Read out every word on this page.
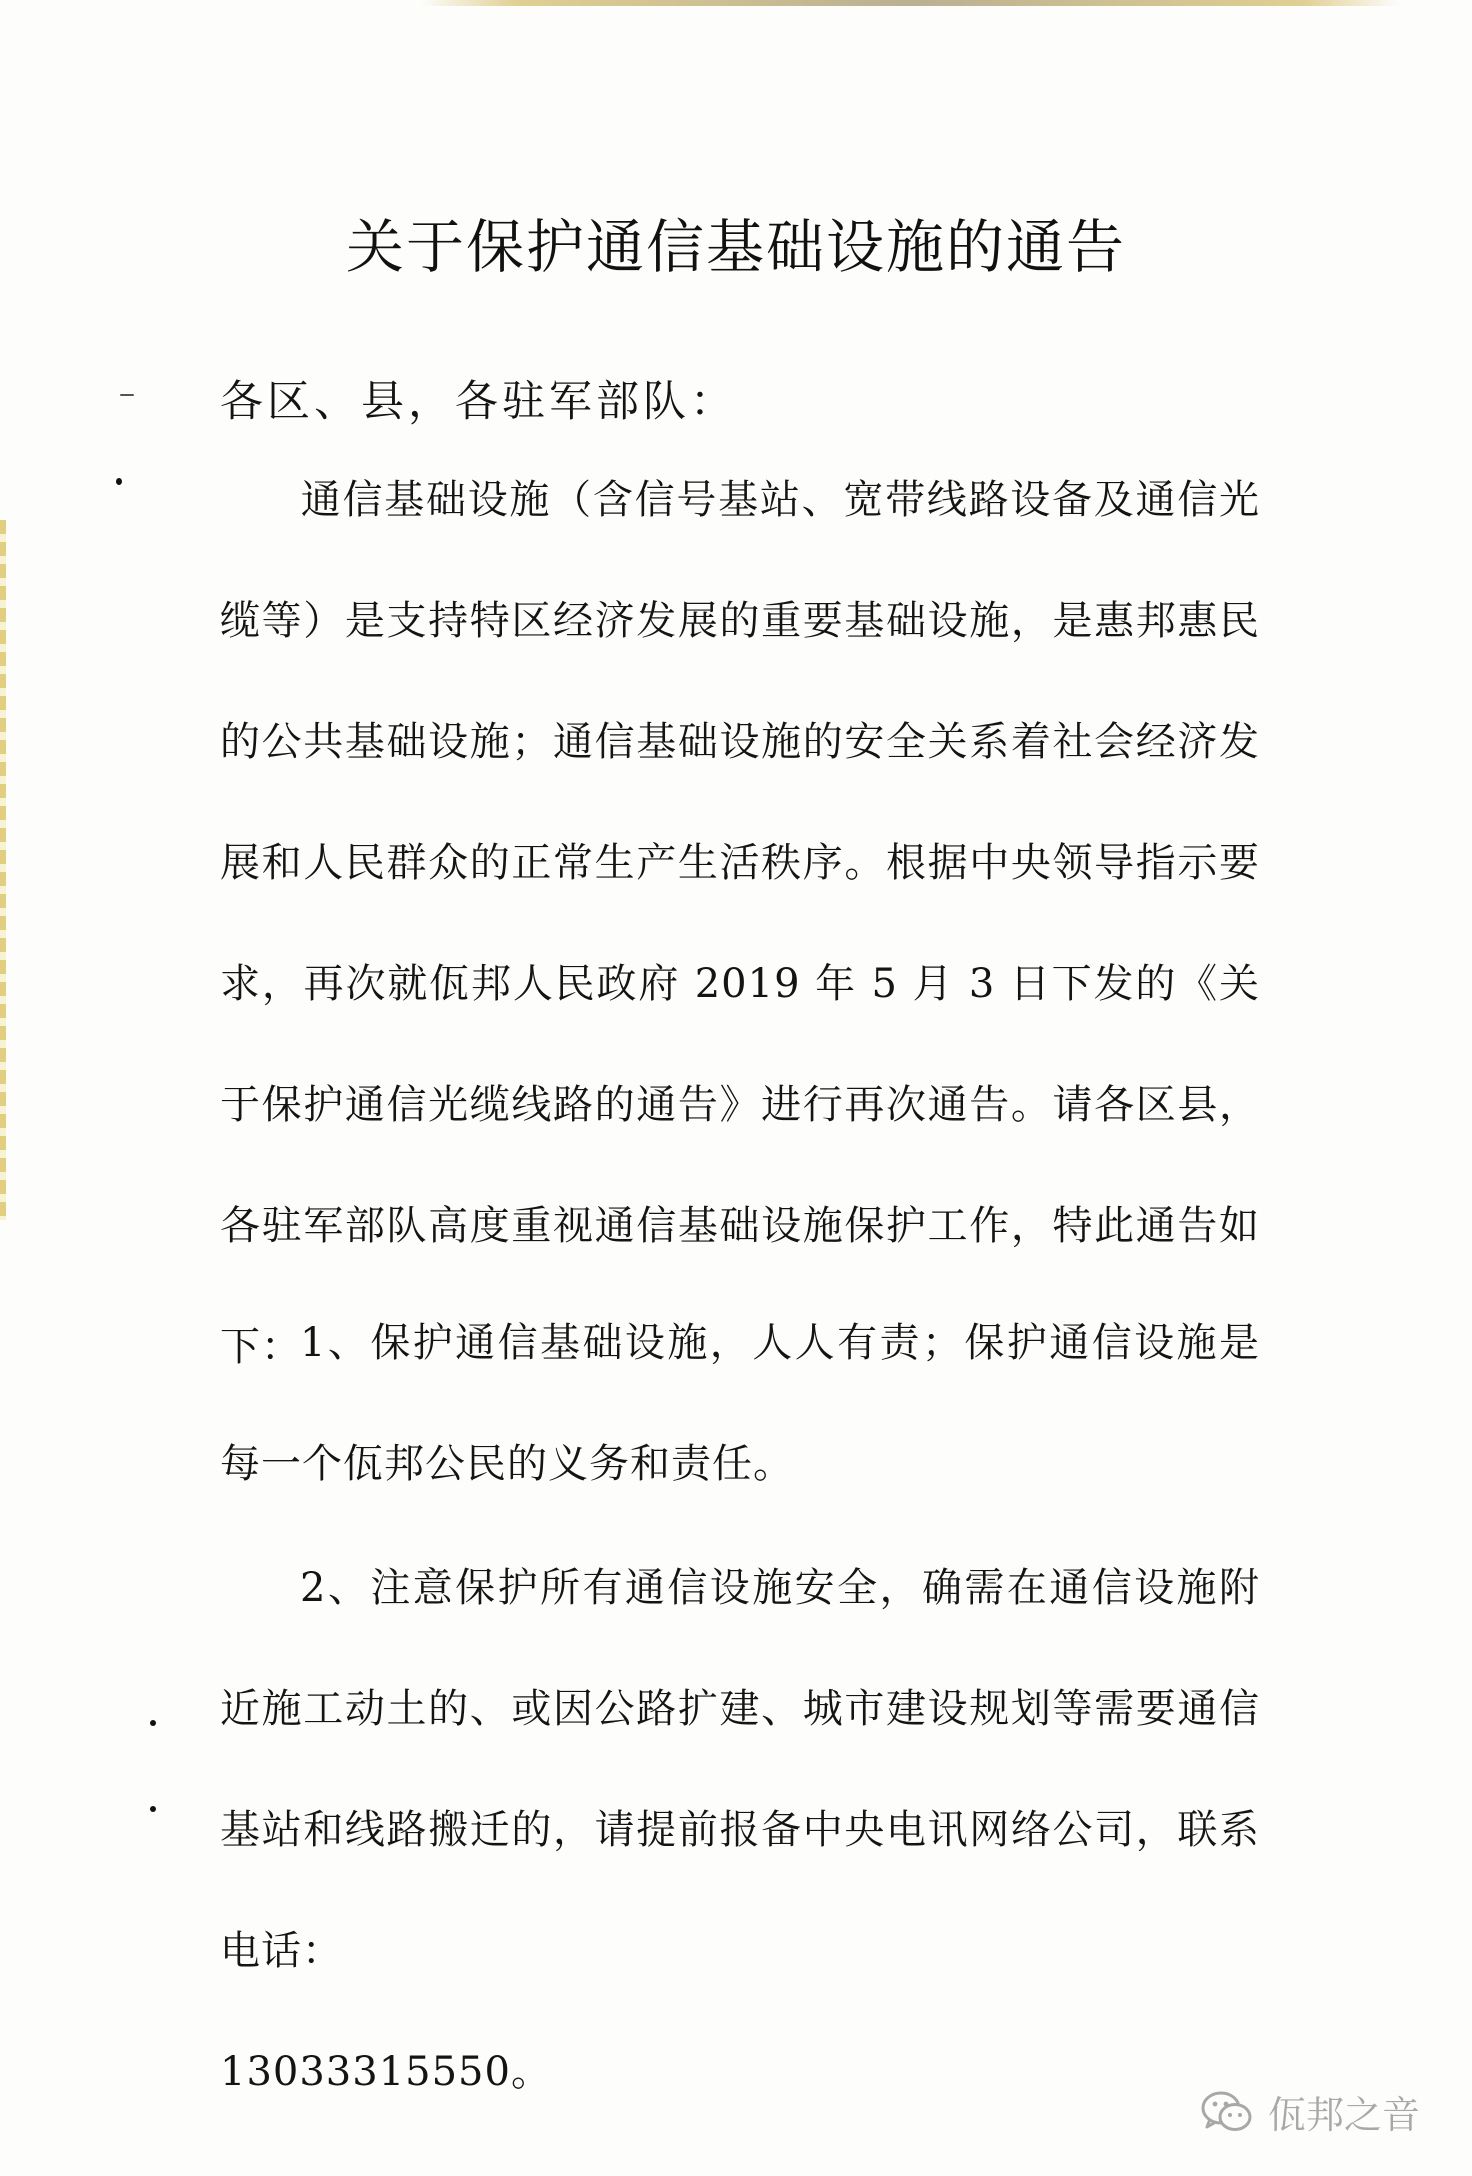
关于保护通信基础设施的通告
各区、县，各驻军部队：

通信基础设施（含信号基站、宽带线路设备及通信光缆等）是支持特区经济发展的重要基础设施，是惠邦惠民的公共基础设施；通信基础设施的安全关系着社会经济发展和人民群众的正常生产生活秩序。根据中央领导指示要求，再次就佤邦人民政府 2019 年 5 月 3 日下发的《关于保护通信光缆线路的通告》进行再次通告。请各区县，各驻军部队高度重视通信基础设施保护工作，特此通告如下：

1、保护通信基础设施，人人有责；保护通信设施是每一个佤邦公民的义务和责任。

2、注意保护所有通信设施安全，确需在通信设施附近施工动土的、或因公路扩建、城市建设规划等需要通信基站和线路搬迁的，请提前报备中央电讯网络公司，联系电话：
13033315550。

佤邦之音
